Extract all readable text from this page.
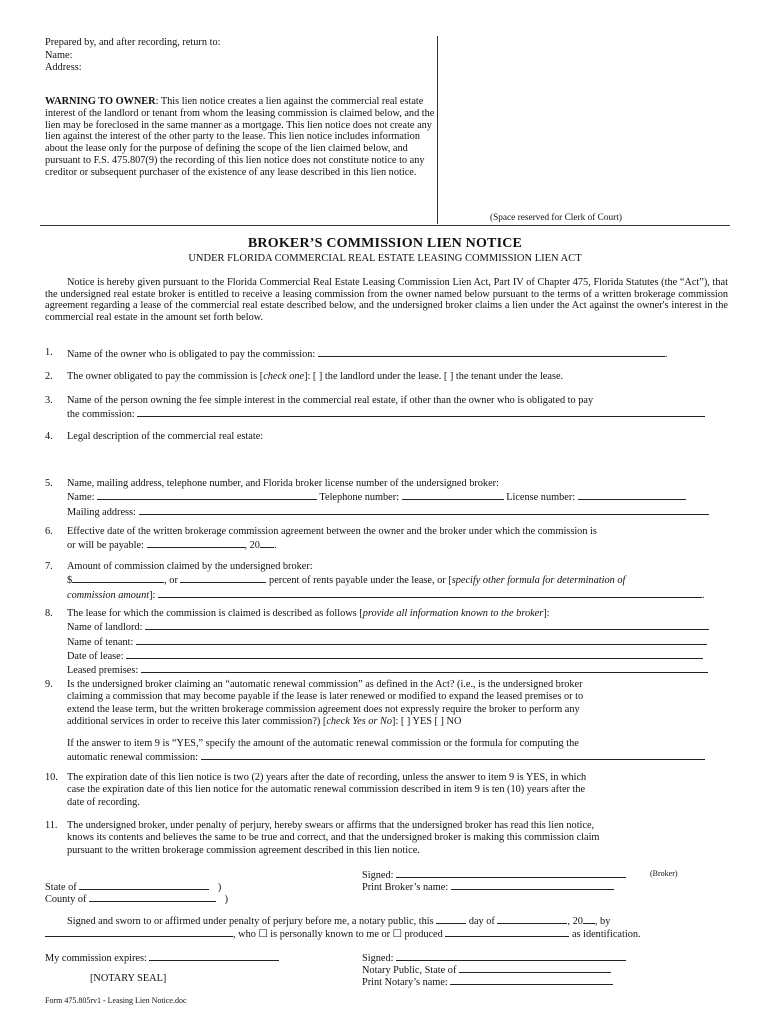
Prepared by, and after recording, return to:
Name:
Address:
WARNING TO OWNER: This lien notice creates a lien against the commercial real estate interest of the landlord or tenant from whom the leasing commission is claimed below, and the lien may be foreclosed in the same manner as a mortgage. This lien notice does not create any lien against the interest of the other party to the lease. This lien notice includes information about the lease only for the purpose of defining the scope of the lien claimed below, and pursuant to F.S. 475.807(9) the recording of this lien notice does not constitute notice to any creditor or subsequent purchaser of the existence of any lease described in this lien notice.
(Space reserved for Clerk of Court)
BROKER’S COMMISSION LIEN NOTICE
UNDER FLORIDA COMMERCIAL REAL ESTATE LEASING COMMISSION LIEN ACT
Notice is hereby given pursuant to the Florida Commercial Real Estate Leasing Commission Lien Act, Part IV of Chapter 475, Florida Statutes (the “Act”), that the undersigned real estate broker is entitled to receive a leasing commission from the owner named below pursuant to the terms of a written brokerage commission agreement regarding a lease of the commercial real estate described below, and the undersigned broker claims a lien under the Act against the owner's interest in the commercial real estate in the amount set forth below.
1. Name of the owner who is obligated to pay the commission:	.
2. The owner obligated to pay the commission is [check one]: [ ] the landlord under the lease. [ ] the tenant under the lease.
3. Name of the person owning the fee simple interest in the commercial real estate, if other than the owner who is obligated to pay
the commission:
4. Legal description of the commercial real estate:
5. Name, mailing address, telephone number, and Florida broker license number of the undersigned broker:
Name:	Telephone number:	License number:
Mailing address:
6. Effective date of the written brokerage commission agreement between the owner and the broker under which the commission is
or will be payable:	, 20 .
7. Amount of commission claimed by the undersigned broker:
$	, or	percent of rents payable under the lease, or [specify other formula for determination of
commission amount]:	.
8. The lease for which the commission is claimed is described as follows [provide all information known to the broker]:
Name of landlord:
Name of tenant:
Date of lease:
Leased premises:
9. Is the undersigned broker claiming an “automatic renewal commission” as defined in the Act? (i.e., is the undersigned broker
claiming a commission that may become payable if the lease is later renewed or modified to expand the leased premises or to
extend the lease term, but the written brokerage commission agreement does not expressly require the broker to perform any
additional services in order to receive this later commission?) [check Yes or No]: [ ] YES [ ] NO
If the answer to item 9 is “YES,” specify the amount of the automatic renewal commission or the formula for computing the
automatic renewal commission:
10. The expiration date of this lien notice is two (2) years after the date of recording, unless the answer to item 9 is YES, in which
case the expiration date of this lien notice for the automatic renewal commission described in item 9 is ten (10) years after the
date of recording.
11. The undersigned broker, under penalty of perjury, hereby swears or affirms that the undersigned broker has read this lien notice,
knows its contents and believes the same to be true and correct, and that the undersigned broker is making this commission claim
pursuant to the written brokerage commission agreement described in this lien notice.
Signed:	(Broker)
Print Broker’s name:
State of	)
County of	)
Signed and sworn to or affirmed under penalty of perjury before me, a notary public, this	day of	, 20 , by
, who ☐ is personally known to me or ☐ produced	as identification.
My commission expires:
[NOTARY SEAL]
Signed:
Notary Public, State of
Print Notary’s name:
Form 475.805rv1 - Leasing Lien Notice.doc
